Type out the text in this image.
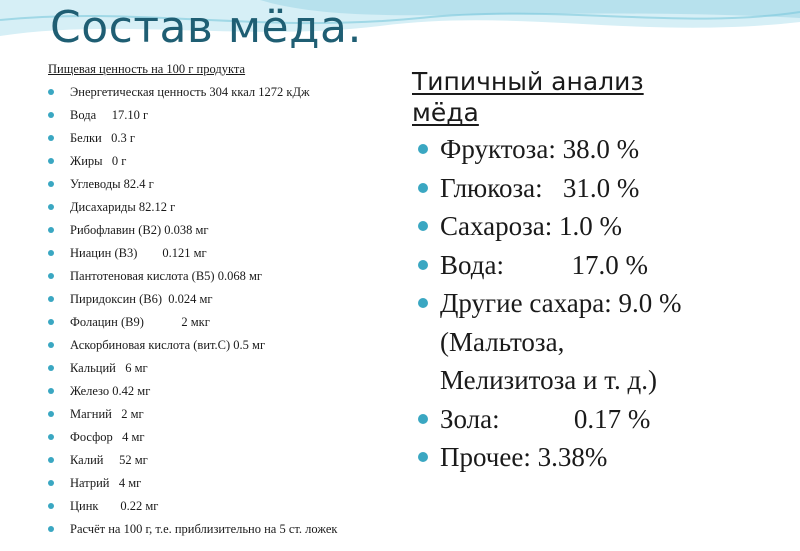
Состав мёда.

Пищевая ценность на 100 г продукта

Энергетическая ценность 304 ккал 1272 кДж
Вода     17.10 г
Белки   0.3 г
Жиры   0 г
Углеводы 82.4 г
Дисахариды 82.12 г
Рибофлавин (B2) 0.038 мг
Ниацин (B3)        0.121 мг
Пантотеновая кислота (B5) 0.068 мг
Пиридоксин (B6)  0.024 мг
Фолацин (B9)            2 мкг
Аскорбиновая кислота (вит.С) 0.5 мг
Кальций   6 мг
Железо 0.42 мг
Магний   2 мг
Фосфор   4 мг
Калий     52 мг
Натрий   4 мг
Цинк       0.22 мг
Расчёт на 100 г, т.е. приблизительно на 5 ст. ложек
Типичный анализ
мёда
Фруктоза: 38.0 %
Глюкоза:   31.0 %
Сахароза: 1.0 %
Вода:          17.0 %
Другие сахара: 9.0 %
(Мальтоза,
Мелизитоза и т. д.)
Зола:           0.17 %
Прочее: 3.38%
